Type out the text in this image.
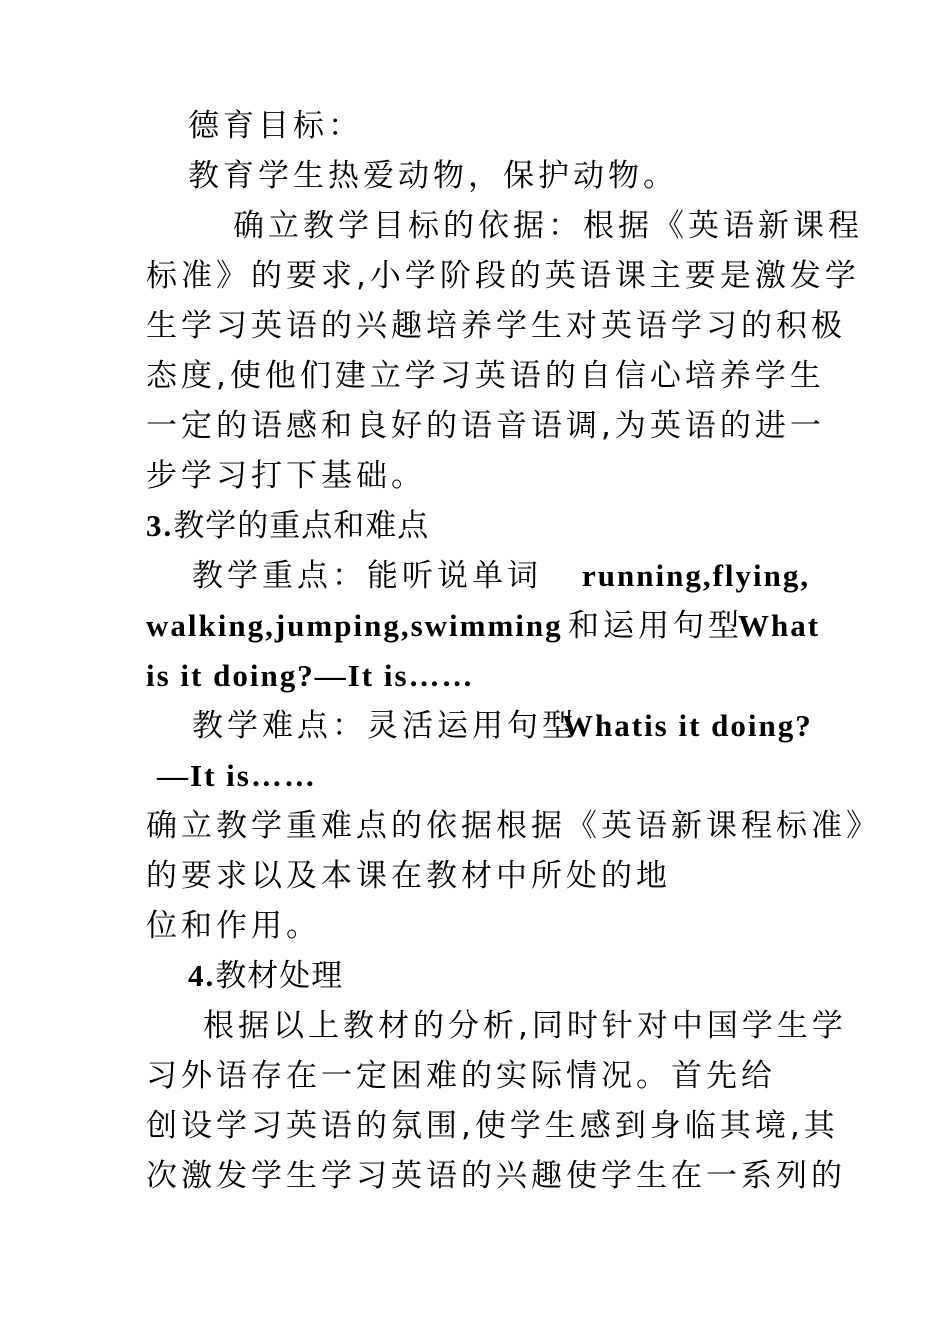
德育目标：
教育学生热爱动物，保护动物。
确立教学目标的依据：根据《英语新课程
标准》的要求,小学阶段的英语课主要是激发学
生学习英语的兴趣培养学生对英语学习的积极
态度,使他们建立学习英语的自信心培养学生
一定的语感和良好的语音语调,为英语的进一
步学习打下基础。
3.教学的重点和难点
教学重点：能听说单词 running,flying,
walking,jumping,swimming 和运用句型
What
is it doing?—It is……
教学难点：灵活运用句型
Whatis it doing?
—It is……
确立教学重难点的依据根据《英语新课程标准》
的要求以及本课在教材中所处的地
位和作用。
4.教材处理
根据以上教材的分析,同时针对中国学生学
习外语存在一定困难的实际情况。首先给
创设学习英语的氛围,使学生感到身临其境,其
次激发学生学习英语的兴趣使学生在一系列的
